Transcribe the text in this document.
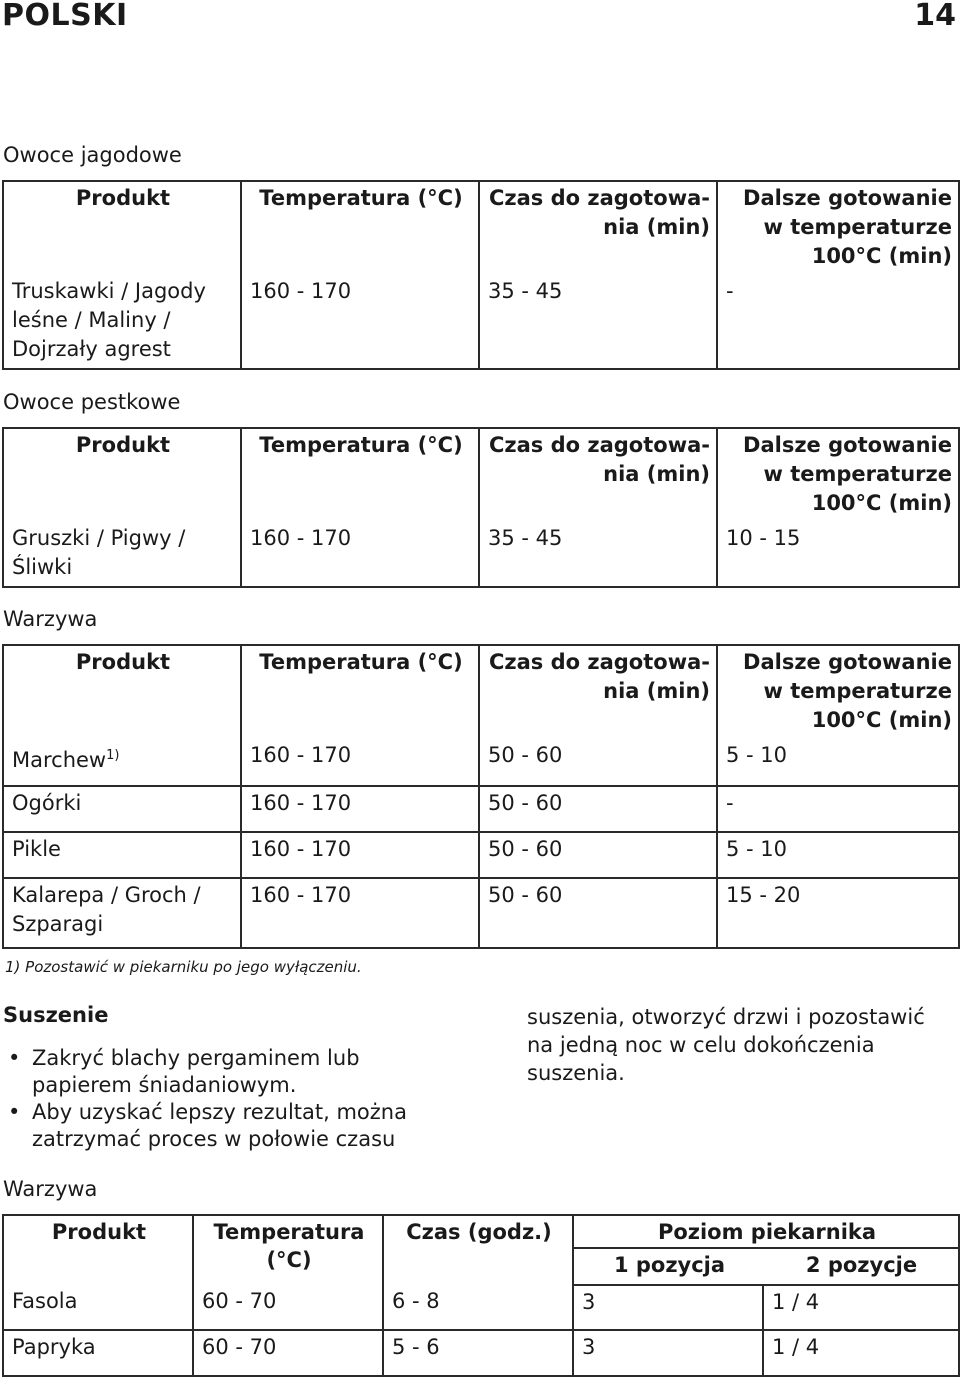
POLSKI	14
Owoce jagodowe
Produkt	Temperatura (°C)	Czas do zagotowa-nia (min)	Dalsze gotowanie w temperaturze 100°C (min)
Truskawki / Jagody leśne / Maliny / Dojrzały agrest	160 - 170	35 - 45	-
Owoce pestkowe
Produkt	Temperatura (°C)	Czas do zagotowa-nia (min)	Dalsze gotowanie w temperaturze 100°C (min)
Gruszki / Pigwy / Śliwki	160 - 170	35 - 45	10 - 15
Warzywa
Produkt	Temperatura (°C)	Czas do zagotowa-nia (min)	Dalsze gotowanie w temperaturze 100°C (min)
Marchew$^{1)}$	160 - 170	50 - 60	5 - 10
Ogórki	160 - 170	50 - 60	-
Pikle	160 - 170	50 - 60	5 - 10
Kalarepa / Groch / Szparagi	160 - 170	50 - 60	15 - 20
1) Pozostawić w piekarniku po jego wyłączeniu.
Suszenie
• Zakryć blachy pergaminem lub papierem śniadaniowym.
• Aby uzyskać lepszy rezultat, można zatrzymać proces w połowie czasu
suszenia, otworzyć drzwi i pozostawić na jedną noc w celu dokończenia suszenia.
Warzywa
Produkt	Temperatura (°C)	Czas (godz.)	Poziom piekarnika	
			1 pozycja	2 pozycje
Fasola	60 - 70	6 - 8	3	1 / 4
Papryka	60 - 70	5 - 6	3	1 / 4
